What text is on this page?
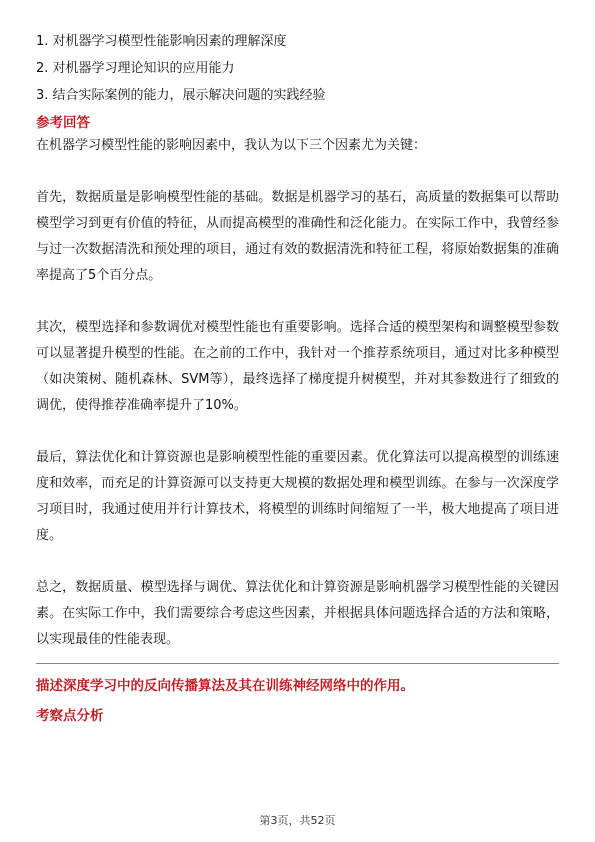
1. 对机器学习模型性能影响因素的理解深度
2. 对机器学习理论知识的应用能力
3. 结合实际案例的能力，展示解决问题的实践经验
参考回答

在机器学习模型性能的影响因素中，我认为以下三个因素尤为关键：

首先，数据质量是影响模型性能的基础。数据是机器学习的基石，高质量的数据集可以帮助模型学习到更有价值的特征，从而提高模型的准确性和泛化能力。在实际工作中，我曾经参与过一次数据清洗和预处理的项目，通过有效的数据清洗和特征工程，将原始数据集的准确率提高了5个百分点。

其次，模型选择和参数调优对模型性能也有重要影响。选择合适的模型架构和调整模型参数可以显著提升模型的性能。在之前的工作中，我针对一个推荐系统项目，通过对比多种模型（如决策树、随机森林、SVM等），最终选择了梯度提升树模型，并对其参数进行了细致的调优，使得推荐准确率提升了10%。

最后，算法优化和计算资源也是影响模型性能的重要因素。优化算法可以提高模型的训练速度和效率，而充足的计算资源可以支持更大规模的数据处理和模型训练。在参与一次深度学习项目时，我通过使用并行计算技术，将模型的训练时间缩短了一半，极大地提高了项目进度。

总之，数据质量、模型选择与调优、算法优化和计算资源是影响机器学习模型性能的关键因素。在实际工作中，我们需要综合考虑这些因素，并根据具体问题选择合适的方法和策略，以实现最佳的性能表现。

描述深度学习中的反向传播算法及其在训练神经网络中的作用。
考察点分析
第3页，共52页
